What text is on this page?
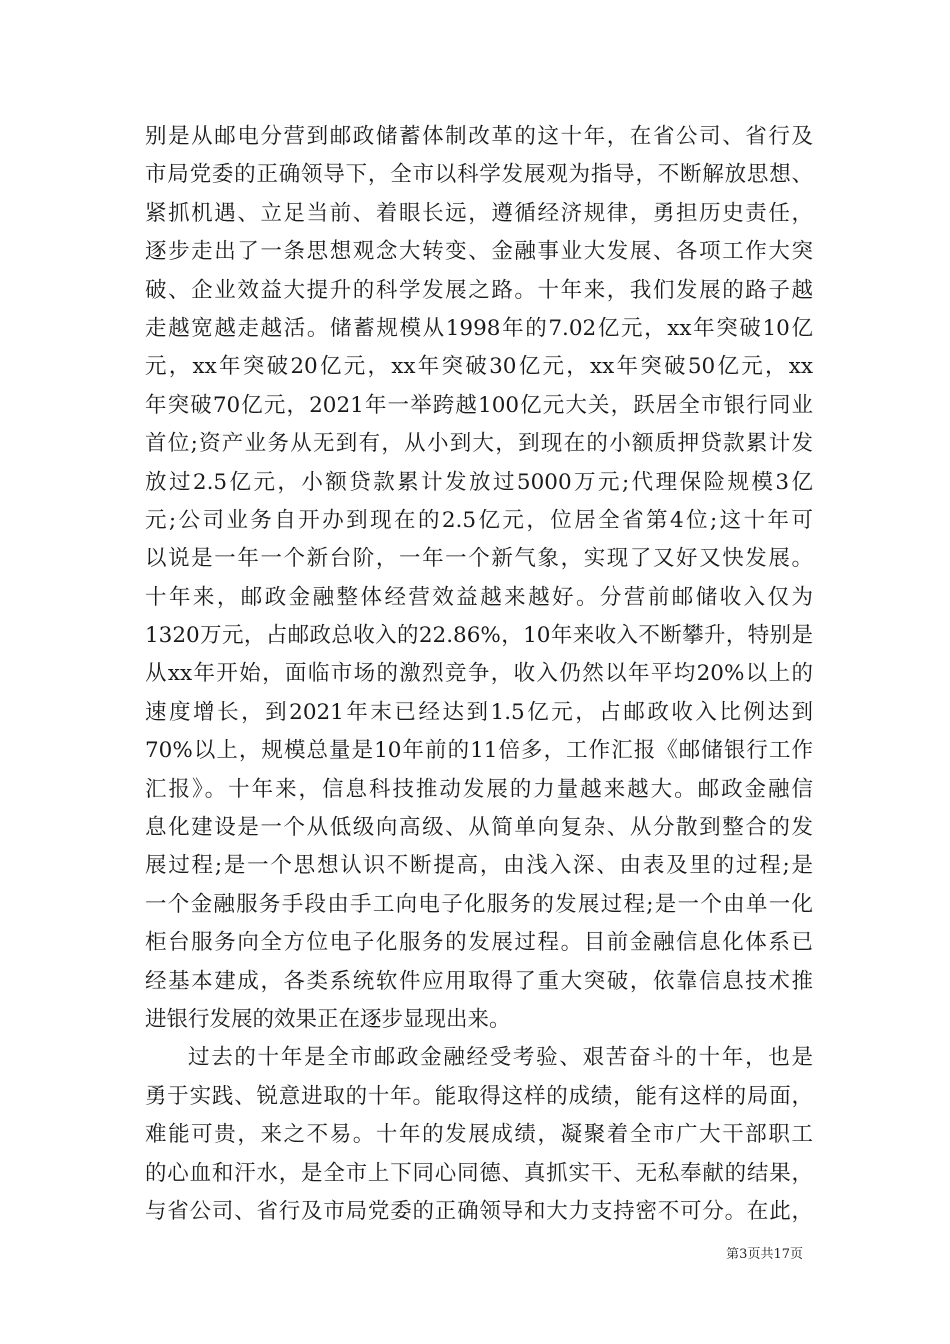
别是从邮电分营到邮政储蓄体制改革的这十年，在省公司、省行及
市局党委的正确领导下，全市以科学发展观为指导，不断解放思想、
紧抓机遇、立足当前、着眼长远，遵循经济规律，勇担历史责任，
逐步走出了一条思想观念大转变、金融事业大发展、各项工作大突
破、企业效益大提升的科学发展之路。十年来，我们发展的路子越
走越宽越走越活。储蓄规模从1998年的7.02亿元，xx年突破10亿
元，xx年突破20亿元，xx年突破30亿元，xx年突破50亿元，xx
年突破70亿元，2021年一举跨越100亿元大关，跃居全市银行同业
首位;资产业务从无到有，从小到大，到现在的小额质押贷款累计发
放过2.5亿元，小额贷款累计发放过5000万元;代理保险规模3亿
元;公司业务自开办到现在的2.5亿元，位居全省第4位;这十年可
以说是一年一个新台阶，一年一个新气象，实现了又好又快发展。
十年来，邮政金融整体经营效益越来越好。分营前邮储收入仅为
1320万元，占邮政总收入的22.86%，10年来收入不断攀升，特别是
从xx年开始，面临市场的激烈竞争，收入仍然以年平均20%以上的
速度增长，到2021年末已经达到1.5亿元，占邮政收入比例达到
70%以上，规模总量是10年前的11倍多，工作汇报《邮储银行工作
汇报》。十年来，信息科技推动发展的力量越来越大。邮政金融信
息化建设是一个从低级向高级、从简单向复杂、从分散到整合的发
展过程;是一个思想认识不断提高，由浅入深、由表及里的过程;是
一个金融服务手段由手工向电子化服务的发展过程;是一个由单一化
柜台服务向全方位电子化服务的发展过程。目前金融信息化体系已
经基本建成，各类系统软件应用取得了重大突破，依靠信息技术推
进银行发展的效果正在逐步显现出来。
过去的十年是全市邮政金融经受考验、艰苦奋斗的十年，也是
勇于实践、锐意进取的十年。能取得这样的成绩，能有这样的局面，
难能可贵，来之不易。十年的发展成绩，凝聚着全市广大干部职工
的心血和汗水，是全市上下同心同德、真抓实干、无私奉献的结果，
与省公司、省行及市局党委的正确领导和大力支持密不可分。在此，
第3页共17页
